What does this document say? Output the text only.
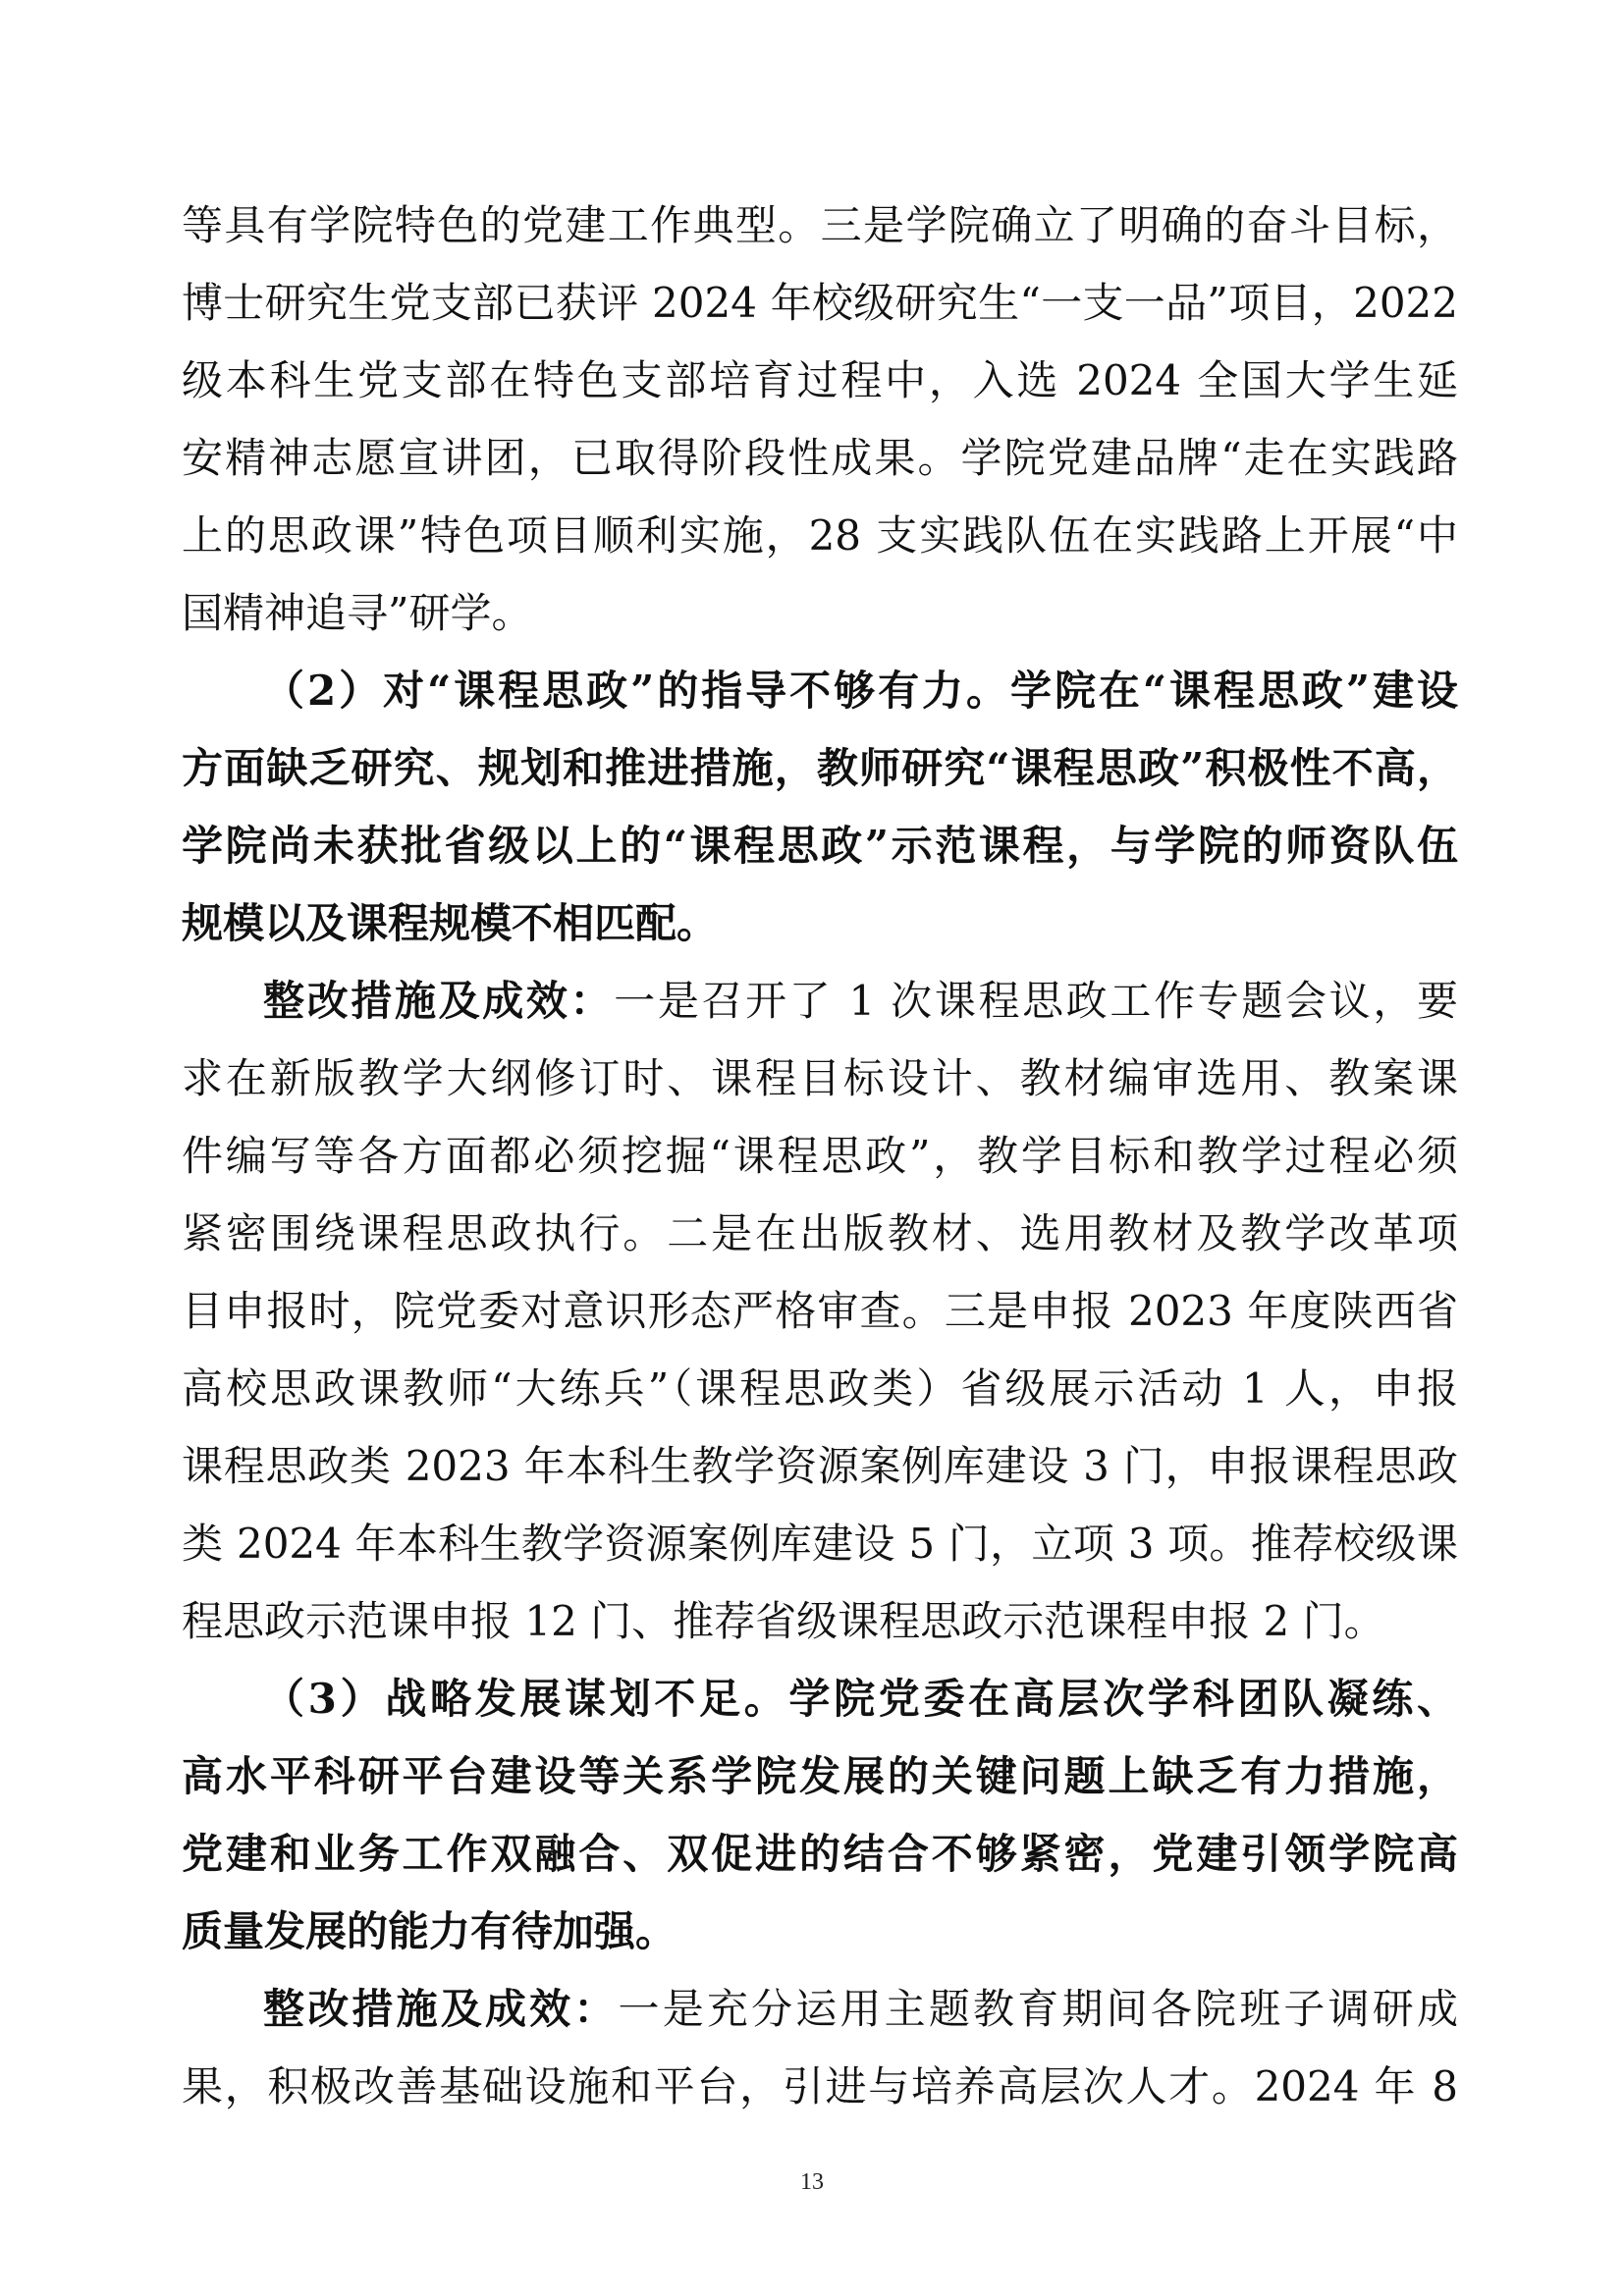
等具有学院特色的党建工作典型。三是学院确立了明确的奋斗目标，
博士研究生党支部已获评 2024 年校级研究生“一支一品”项目，2022
级本科生党支部在特色支部培育过程中，入选 2024 全国大学生延
安精神志愿宣讲团，已取得阶段性成果。学院党建品牌“走在实践路
上的思政课”特色项目顺利实施，28 支实践队伍在实践路上开展“中
国精神追寻”研学。
（2）对“课程思政”的指导不够有力。学院在“课程思政”建设
方面缺乏研究、规划和推进措施，教师研究“课程思政”积极性不高，
学院尚未获批省级以上的“课程思政”示范课程，与学院的师资队伍
规模以及课程规模不相匹配。
整改措施及成效：一是召开了 1 次课程思政工作专题会议，要
求在新版教学大纲修订时、课程目标设计、教材编审选用、教案课
件编写等各方面都必须挖掘“课程思政”，教学目标和教学过程必须
紧密围绕课程思政执行。二是在出版教材、选用教材及教学改革项
目申报时，院党委对意识形态严格审查。三是申报 2023 年度陕西省
高校思政课教师“大练兵”（课程思政类）省级展示活动 1 人，申报
课程思政类 2023 年本科生教学资源案例库建设 3 门，申报课程思政
类 2024 年本科生教学资源案例库建设 5 门，立项 3 项。推荐校级课
程思政示范课申报 12 门、推荐省级课程思政示范课程申报 2 门。
（3）战略发展谋划不足。学院党委在高层次学科团队凝练、
高水平科研平台建设等关系学院发展的关键问题上缺乏有力措施，
党建和业务工作双融合、双促进的结合不够紧密，党建引领学院高
质量发展的能力有待加强。
整改措施及成效：一是充分运用主题教育期间各院班子调研成
果，积极改善基础设施和平台，引进与培养高层次人才。2024 年 8
13
